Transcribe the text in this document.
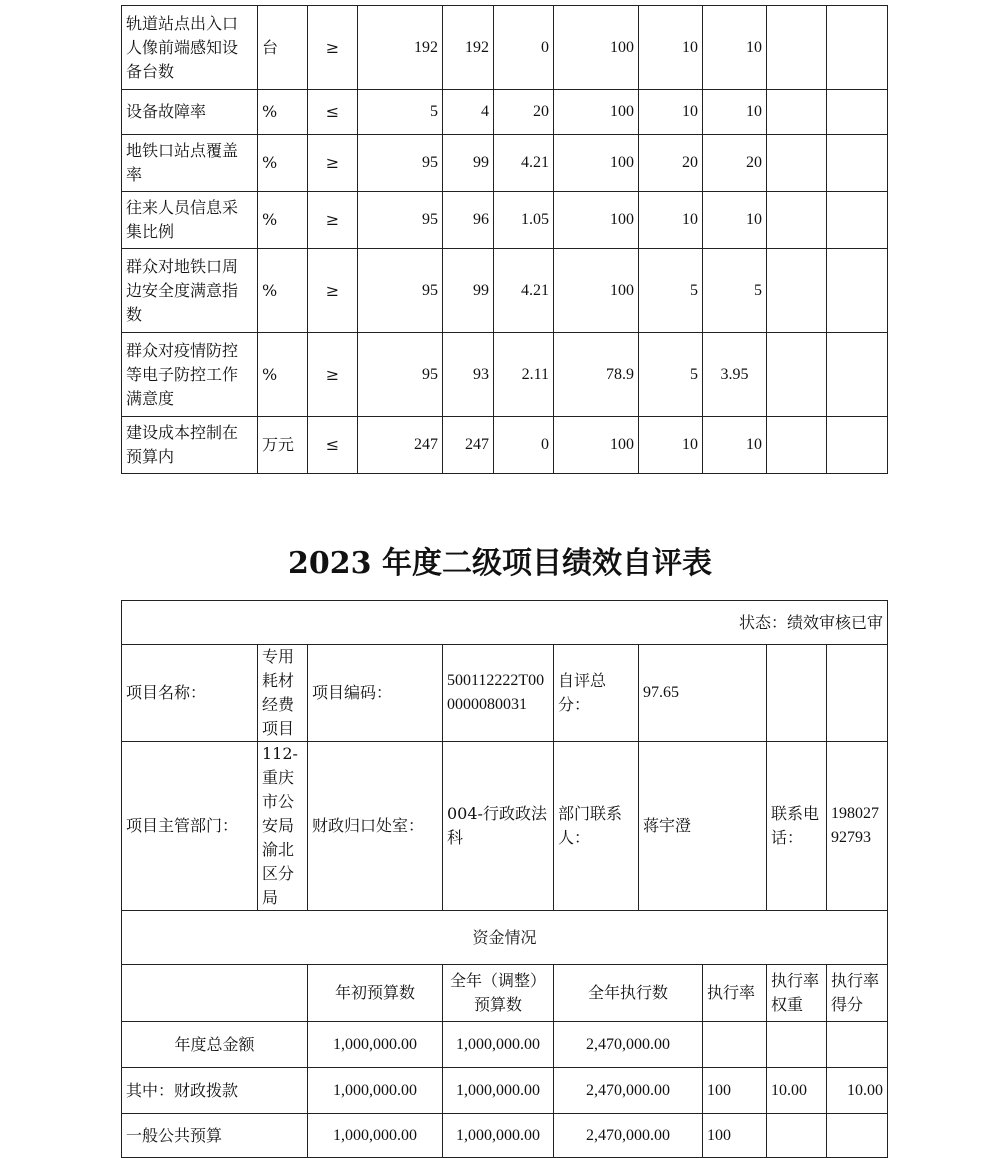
轨道站点出入口人像前端感知设备台数	台	≥	192	192	0	100	10	10		
设备故障率	%	≤	5	4	20	100	10	10		
地铁口站点覆盖率	%	≥	95	99	4.21	100	20	20		
往来人员信息采集比例	%	≥	95	96	1.05	100	10	10		
群众对地铁口周边安全度满意指数	%	≥	95	99	4.21	100	5	5		
群众对疫情防控等电子防控工作满意度	%	≥	95	93	2.11	78.9	5	3.95		
建设成本控制在预算内	万元	≤	247	247	0	100	10	10		
2023 年度二级项目绩效自评表
状态：绩效审核已审								
项目名称：	专用耗材经费项目	项目编码：	500112222T000000080031	自评总分：	97.65			
项目主管部门：	112-重庆市公安局渝北区分局	财政归口处室：	004-行政政法科	部门联系人：	蒋宇澄		联系电话：	19802792793
资金情况								
		年初预算数	全年（调整）预算数	全年执行数		执行率	执行率权重	执行率得分
年度总金额		1,000,000.00	1,000,000.00	2,470,000.00				
其中：财政拨款		1,000,000.00	1,000,000.00	2,470,000.00		100	10.00	10.00
一般公共预算		1,000,000.00	1,000,000.00	2,470,000.00		100		
